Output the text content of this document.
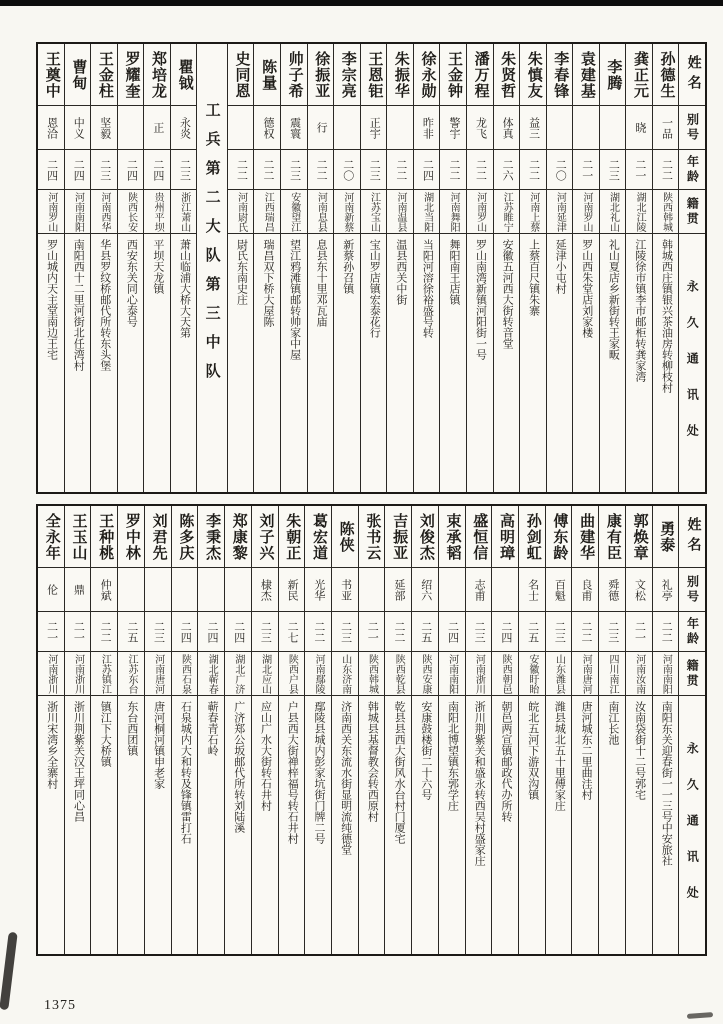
姓名
别号
年龄
籍贯
永久通讯处
孙德生
一品
二二
陕西韩城
韩城西庄镇银兴茶油房转柳枝村
龚正元
晓
二一
湖北江陵
江陵徐市镇李市邮柜转龚家湾
李腾
二三
湖北礼山
礼山夏店乡新街转王家畈
袁建基
二一
河南罗山
罗山西朱堂店刘家楼
李春锋
二〇
河南延津
延津小屯村
朱慎友
益三
二二
河南上蔡
上蔡百尺镇朱寨
朱贤哲
体真
二六
江苏睢宁
安徽五河西大街转音堂
潘万程
龙飞
二二
河南罗山
罗山南湾新镇河阳街一号
王金钟
警宇
二二
河南舞阳
舞阳南王店镇
徐永勋
昨非
二四
湖北当阳
当阳河溶徐裕盛号转
朱振华
二二
河南温县
温县西关中街
王恩钜
正宇
二三
江苏宝山
宝山罗店镇宏泰花行
李宗亮
二〇
河南新蔡
新蔡孙召镇
徐振亚
行
二二
河南息县
息县东十里邓瓦庙
帅子希
震寰
二三
安徽望江
望江鸦滩镇邮转帅家中屋
陈量
德权
二二
江西瑞昌
瑞昌双下桥大屋陈
史同恩
二二
河南尉氏
尉氏东南史庄
工兵第二大队第三中队
瞿钺
永炎
二三
浙江萧山
萧山临浦大桥大天第
郑培龙
正
二四
贵州平坝
平坝天龙镇
罗耀奎
二四
陕西长安
西安东关同心泰号
王金柱
坚毅
二三
河南西华
华县罗纹桥邮代所转东头堡
曹甸
中义
二四
河南南阳
南阳西十二里河街北任湾村
王奠中
恩洽
二四
河南罗山
罗山城内天主堂南边王宅
姓名
别号
年龄
籍贯
永久通讯处
勇泰
礼亭
二二
河南南阳
南阳东关迎春街一一三号中安旅社
郭焕章
文松
二一
河南汝南
汝南袋街十二号郭宅
康有臣
舜德
二三
四川南江
南江长池
曲建华
良甫
二二
河南唐河
唐河城东二里曲洼村
傅东龄
百魁
二三
山东潍县
潍县城北五十里傅家庄
孙剑虹
名士
二五
安徽盱眙
皖北五河下游双沟镇
高明璋
二四
陕西朝邑
朝邑两宣镇邮政代办所转
盛恒信
志甫
二三
河南浙川
浙川荆紫关和盛永转西吴村盛家庄
束承韬
二四
河南南阳
南阳北博望镇东郭学庄
刘俊杰
绍六
二五
陕西安康
安康鼓楼街二十六号
吉振亚
延部
二二
陕西乾县
乾县县西大街风水台村门厦宅
张书云
二一
陕西韩城
韩城县基督教会转西原村
陈侠
书亚
二三
山东济南
济南西关东流水街显明流纯德堂
葛宏道
光华
二二
河南鄢陵
鄢陵县城内彭家坑街门牌二号
朱朝正
新民
二七
陕西户县
户县西大街禅梓福号转石井村
刘子兴
棣杰
二三
湖北应山
应山广水大街转石井村
郑康黎
二四
湖北广济
广济郑公坂邮代所转刘陆溪
李秉杰
二四
湖北蕲春
蕲春青石岭
陈多庆
二四
陕西石泉
石泉城内大和转及锋镇雷打石
刘君先
二三
河南唐河
唐河桐河镇申老家
罗中林
二五
江苏东台
东台西团镇
王种桃
仲斌
二二
江苏镇江
镇江下大桥镇
王玉山
鼎
二一
河南浙川
浙川荆紫关汉王坪同心昌
全永年
伦
二一
河南浙川
浙川宋湾乡全寨村
1375
